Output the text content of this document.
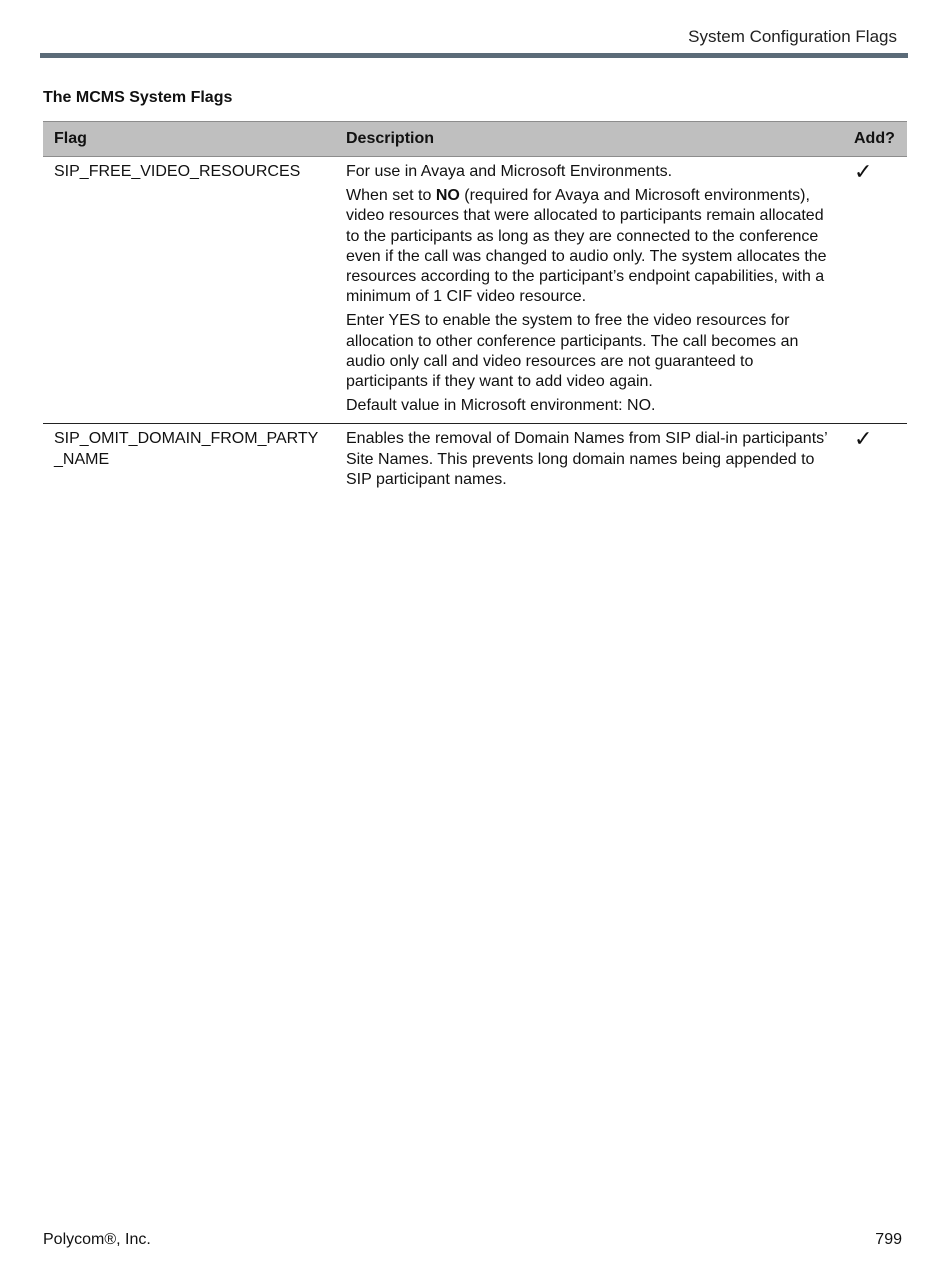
System Configuration Flags
The MCMS System Flags
Flag	Description	Add?
SIP_FREE_VIDEO_RESOURCES	For use in Avaya and Microsoft Environments.

When set to NO (required for Avaya and Microsoft environments), video resources that were allocated to participants remain allocated to the participants as long as they are connected to the conference even if the call was changed to audio only. The system allocates the resources according to the participant’s endpoint capabilities, with a minimum of 1 CIF video resource.

Enter YES to enable the system to free the video resources for allocation to other conference participants. The call becomes an audio only call and video resources are not guaranteed to participants if they want to add video again.

Default value in Microsoft environment: NO.	✓
SIP_OMIT_DOMAIN_FROM_PARTY_NAME	Enables the removal of Domain Names from SIP dial-in participants’ Site Names. This prevents long domain names being appended to SIP participant names.	✓
Polycom®, Inc.	799
